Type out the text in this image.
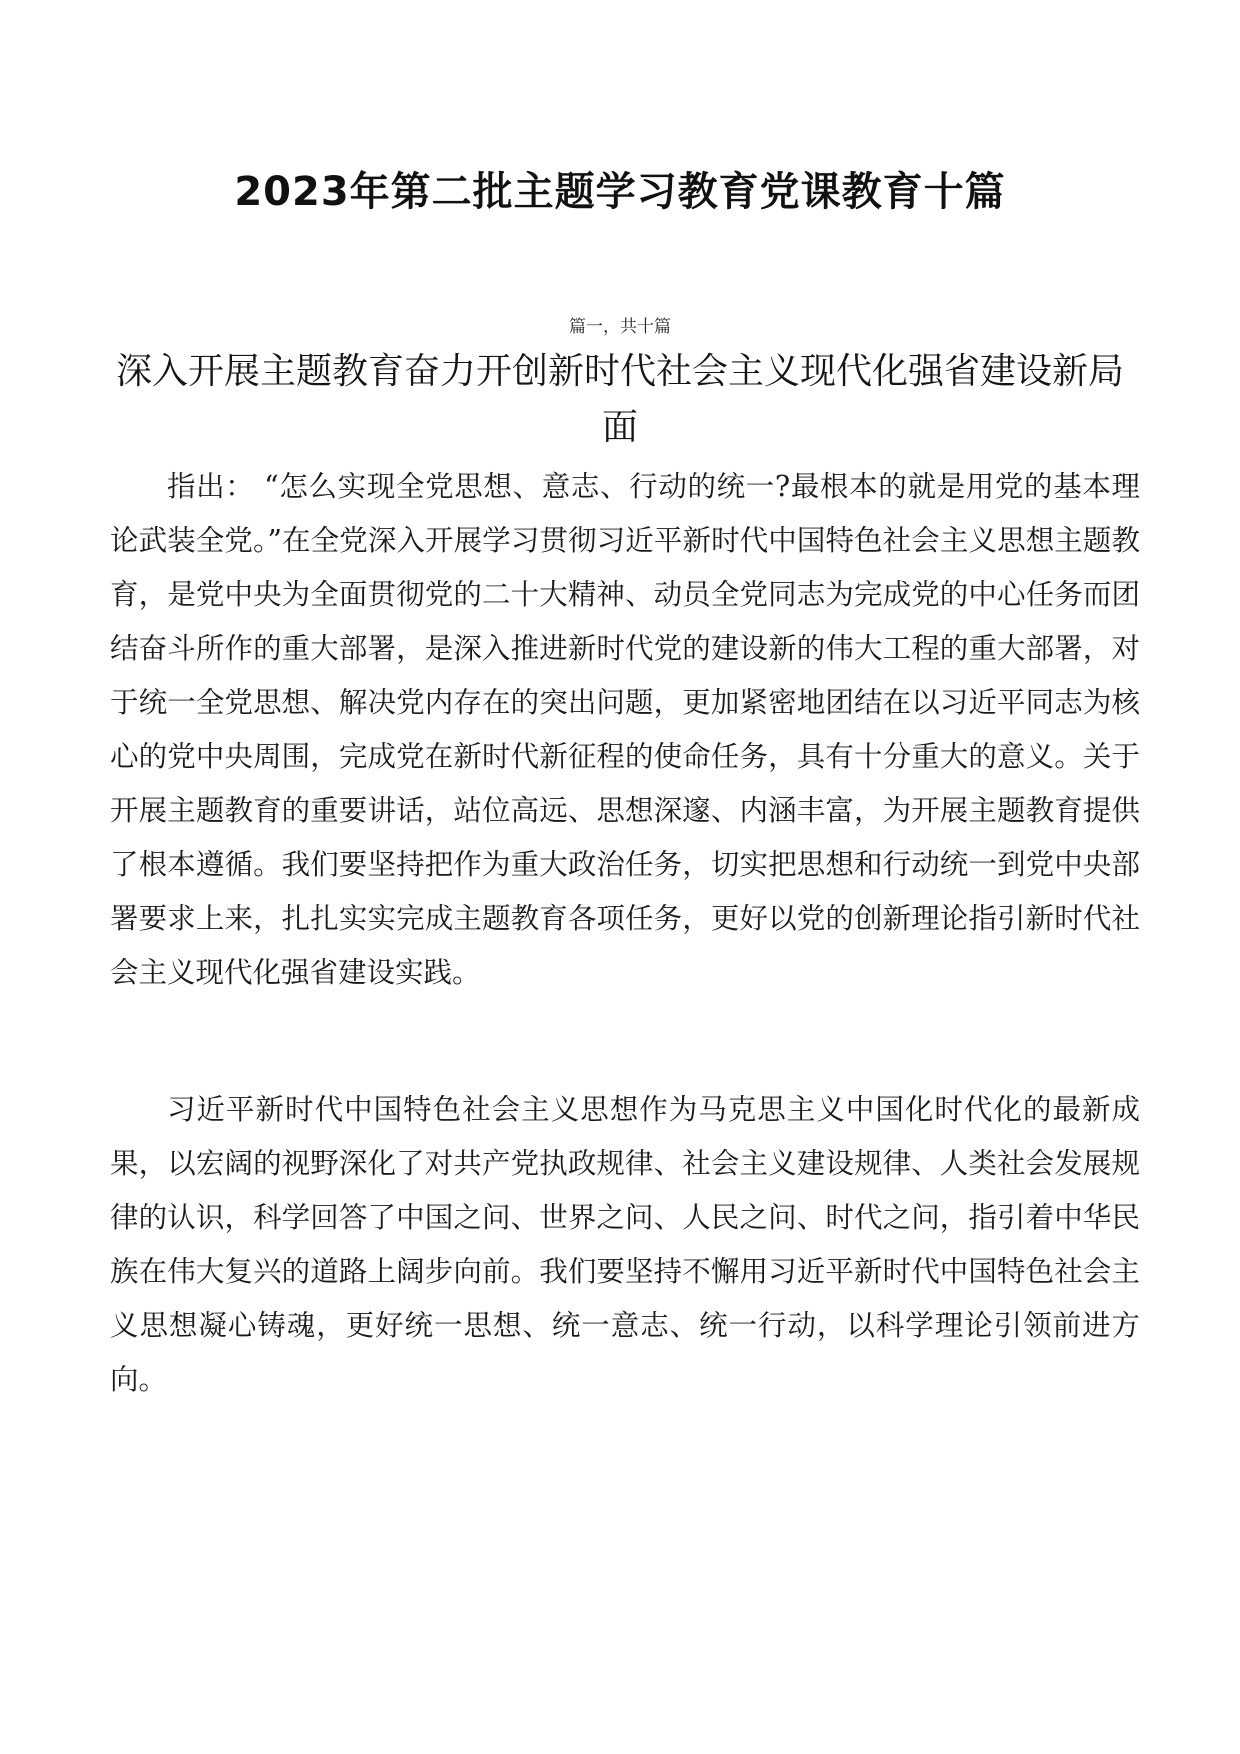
2023年第二批主题学习教育党课教育十篇
篇一，共十篇
深入开展主题教育奋力开创新时代社会主义现代化强省建设新局面

指出： “怎么实现全党思想、意志、行动的统一?最根本的就是用党的基本理论武装全党。”在全党深入开展学习贯彻习近平新时代中国特色社会主义思想主题教育，是党中央为全面贯彻党的二十大精神、动员全党同志为完成党的中心任务而团结奋斗所作的重大部署，是深入推进新时代党的建设新的伟大工程的重大部署，对于统一全党思想、解决党内存在的突出问题，更加紧密地团结在以习近平同志为核心的党中央周围，完成党在新时代新征程的使命任务，具有十分重大的意义。关于开展主题教育的重要讲话，站位高远、思想深邃、内涵丰富，为开展主题教育提供了根本遵循。我们要坚持把作为重大政治任务，切实把思想和行动统一到党中央部署要求上来，扎扎实实完成主题教育各项任务，更好以党的创新理论指引新时代社会主义现代化强省建设实践。

习近平新时代中国特色社会主义思想作为马克思主义中国化时代化的最新成果，以宏阔的视野深化了对共产党执政规律、社会主义建设规律、人类社会发展规律的认识，科学回答了中国之问、世界之问、人民之问、时代之问，指引着中华民族在伟大复兴的道路上阔步向前。我们要坚持不懈用习近平新时代中国特色社会主义思想凝心铸魂，更好统一思想、统一意志、统一行动，以科学理论引领前进方向。
